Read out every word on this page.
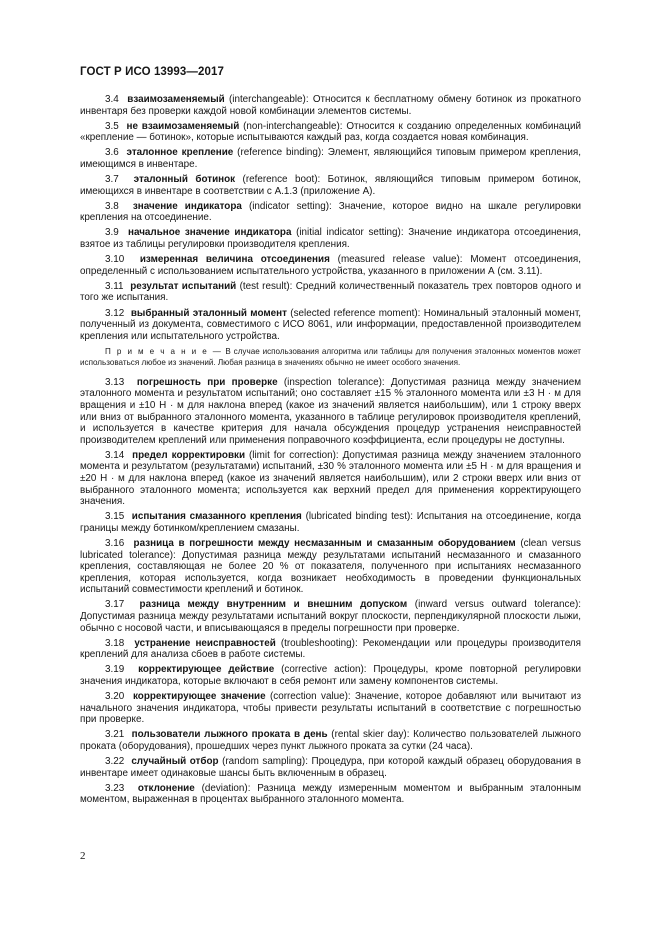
ГОСТ Р ИСО 13993—2017
3.4 взаимозаменяемый (interchangeable): Относится к бесплатному обмену ботинок из прокатного инвентаря без проверки каждой новой комбинации элементов системы.
3.5 не взаимозаменяемый (non-interchangeable): Относится к созданию определенных комбинаций «крепление — ботинок», которые испытываются каждый раз, когда создается новая комбинация.
3.6 эталонное крепление (reference binding): Элемент, являющийся типовым примером крепления, имеющимся в инвентаре.
3.7 эталонный ботинок (reference boot): Ботинок, являющийся типовым примером ботинок, имеющихся в инвентаре в соответствии с А.1.3 (приложение А).
3.8 значение индикатора (indicator setting): Значение, которое видно на шкале регулировки крепления на отсоединение.
3.9 начальное значение индикатора (initial indicator setting): Значение индикатора отсоединения, взятое из таблицы регулировки производителя крепления.
3.10 измеренная величина отсоединения (measured release value): Момент отсоединения, определенный с использованием испытательного устройства, указанного в приложении А (см. 3.11).
3.11 результат испытаний (test result): Средний количественный показатель трех повторов одного и того же испытания.
3.12 выбранный эталонный момент (selected reference moment): Номинальный эталонный момент, полученный из документа, совместимого с ИСО 8061, или информации, предоставленной производителем крепления или испытательного устройства.
П р и м е ч а н и е — В случае использования алгоритма или таблицы для получения эталонных моментов может использоваться любое из значений. Любая разница в значениях обычно не имеет особого значения.
3.13 погрешность при проверке (inspection tolerance): Допустимая разница между значением эталонного момента и результатом испытаний; оно составляет ±15 % эталонного момента или ±3 Н · м для вращения и ±10 Н · м для наклона вперед (какое из значений является наибольшим), или 1 строку вверх или вниз от выбранного эталонного момента, указанного в таблице регулировок производителя креплений, и используется в качестве критерия для начала обсуждения процедур устранения неисправностей производителем креплений или применения поправочного коэффициента, если процедуры не доступны.
3.14 предел корректировки (limit for correction): Допустимая разница между значением эталонного момента и результатом (результатами) испытаний, ±30 % эталонного момента или ±5 Н · м для вращения и ±20 Н · м для наклона вперед (какое из значений является наибольшим), или 2 строки вверх или вниз от выбранного эталонного момента; используется как верхний предел для применения корректирующего значения.
3.15 испытания смазанного крепления (lubricated binding test): Испытания на отсоединение, когда границы между ботинком/креплением смазаны.
3.16 разница в погрешности между несмазанным и смазанным оборудованием (clean versus lubricated tolerance): Допустимая разница между результатами испытаний несмазанного и смазанного крепления, составляющая не более 20 % от показателя, полученного при испытаниях несмазанного крепления, которая используется, когда возникает необходимость в проведении функциональных испытаний совместимости креплений и ботинок.
3.17 разница между внутренним и внешним допуском (inward versus outward tolerance): Допустимая разница между результатами испытаний вокруг плоскости, перпендикулярной плоскости лыжи, обычно с носовой части, и вписывающаяся в пределы погрешности при проверке.
3.18 устранение неисправностей (troubleshooting): Рекомендации или процедуры производителя креплений для анализа сбоев в работе системы.
3.19 корректирующее действие (corrective action): Процедуры, кроме повторной регулировки значения индикатора, которые включают в себя ремонт или замену компонентов системы.
3.20 корректирующее значение (correction value): Значение, которое добавляют или вычитают из начального значения индикатора, чтобы привести результаты испытаний в соответствие с погрешностью при проверке.
3.21 пользователи лыжного проката в день (rental skier day): Количество пользователей лыжного проката (оборудования), прошедших через пункт лыжного проката за сутки (24 часа).
3.22 случайный отбор (random sampling): Процедура, при которой каждый образец оборудования в инвентаре имеет одинаковые шансы быть включенным в образец.
3.23 отклонение (deviation): Разница между измеренным моментом и выбранным эталонным моментом, выраженная в процентах выбранного эталонного момента.
2
